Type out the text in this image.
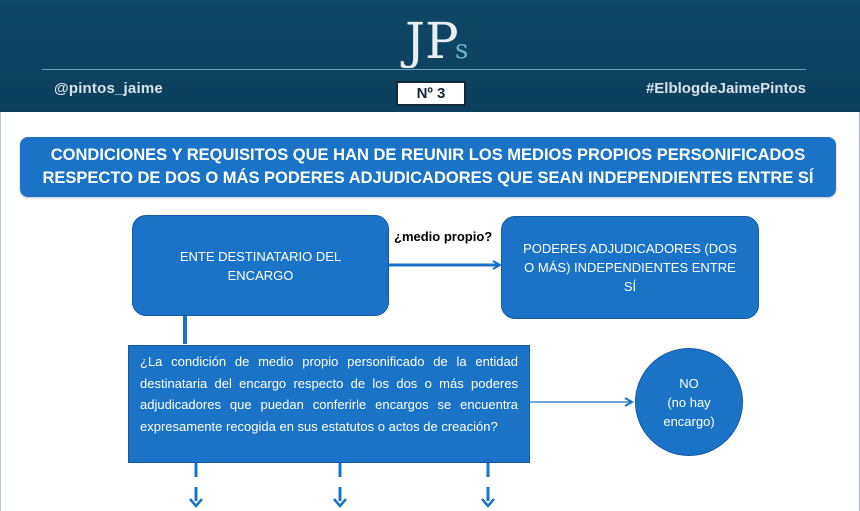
JP
s
@pintos_jaime	Nº 3	#ElblogdeJaimePintos
CONDICIONES Y REQUISITOS QUE HAN DE REUNIR LOS MEDIOS PROPIOS PERSONIFICADOS
RESPECTO DE DOS O MÁS PODERES ADJUDICADORES QUE SEAN INDEPENDIENTES ENTRE SÍ
ENTE DESTINATARIO DEL ENCARGO
¿medio propio?
PODERES ADJUDICADORES (DOS O MÁS) INDEPENDIENTES ENTRE SÍ
¿La condición de medio propio personificado de la entidad destinataria del encargo respecto de los dos o más poderes adjudicadores que puedan conferirle encargos se encuentra expresamente recogida en sus estatutos o actos de creación?
NO
(no hay
encargo)
